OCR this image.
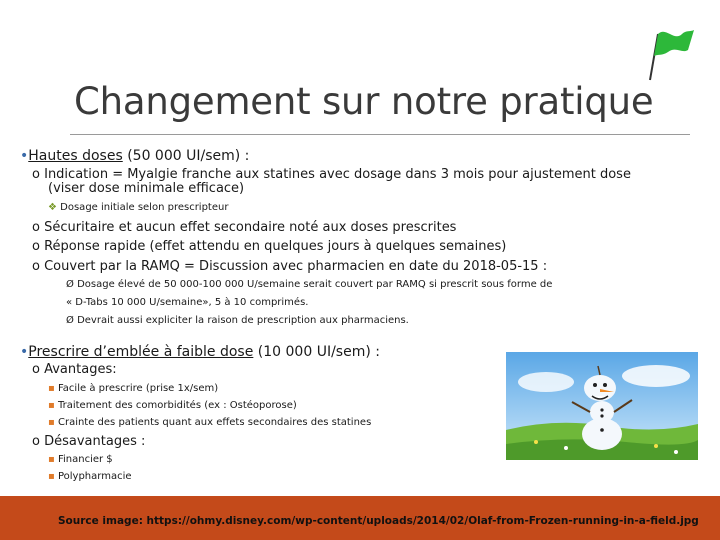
Changement sur notre pratique
•Hautes doses (50 000 UI/sem) :
o Indication = Myalgie franche aux statines avec dosage dans 3 mois pour ajustement dose
(viser dose minimale efficace)
❖ Dosage initiale selon prescripteur
o Sécuritaire et aucun effet secondaire noté aux doses prescrites
o Réponse rapide (effet attendu en quelques jours à quelques semaines)
o Couvert par la RAMQ = Discussion avec pharmacien en date du 2018-05-15 :
Ø Dosage élevé de 50 000-100 000 U/semaine serait couvert par RAMQ si prescrit sous forme de
« D-Tabs 10 000 U/semaine», 5 à 10 comprimés.
Ø Devrait aussi expliciter la raison de prescription aux pharmaciens.
•Prescrire d’emblée à faible dose (10 000 UI/sem) :
o Avantages:
▪ Facile à prescrire (prise 1x/sem)
▪ Traitement des comorbidités (ex : Ostéoporose)
▪ Crainte des patients quant aux effets secondaires des statines
o Désavantages :
▪ Financier $
▪ Polypharmacie
Source image: https://ohmy.disney.com/wp-content/uploads/2014/02/Olaf-from-Frozen-running-in-a-field.jpg
